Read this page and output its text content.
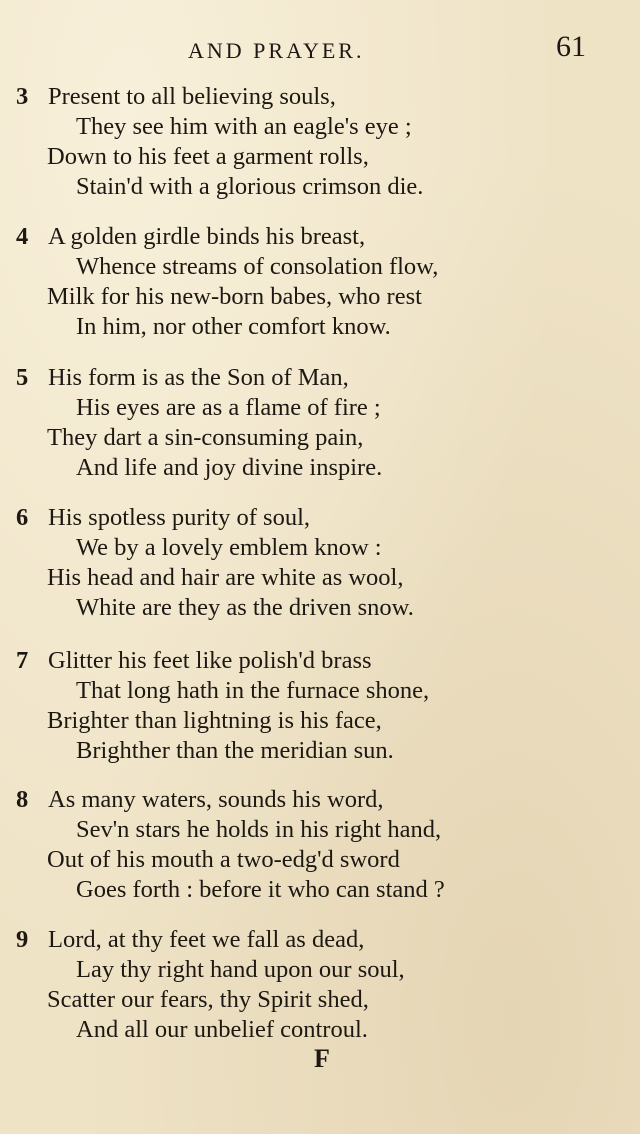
AND PRAYER.	61
3 Present to all believing souls,
They see him with an eagle's eye ;
Down to his feet a garment rolls,
Stain'd with a glorious crimson die.
4 A golden girdle binds his breast,
Whence streams of consolation flow,
Milk for his new-born babes, who rest
In him, nor other comfort know.
5 His form is as the Son of Man,
His eyes are as a flame of fire ;
They dart a sin-consuming pain,
And life and joy divine inspire.
6 His spotless purity of soul,
We by a lovely emblem know :
His head and hair are white as wool,
White are they as the driven snow.
7 Glitter his feet like polish'd brass
That long hath in the furnace shone,
Brighter than lightning is his face,
Brighther than the meridian sun.
8 As many waters, sounds his word,
Sev'n stars he holds in his right hand,
Out of his mouth a two-edg'd sword
Goes forth : before it who can stand ?
9 Lord, at thy feet we fall as dead,
Lay thy right hand upon our soul,
Scatter our fears, thy Spirit shed,
And all our unbelief controul.
F
